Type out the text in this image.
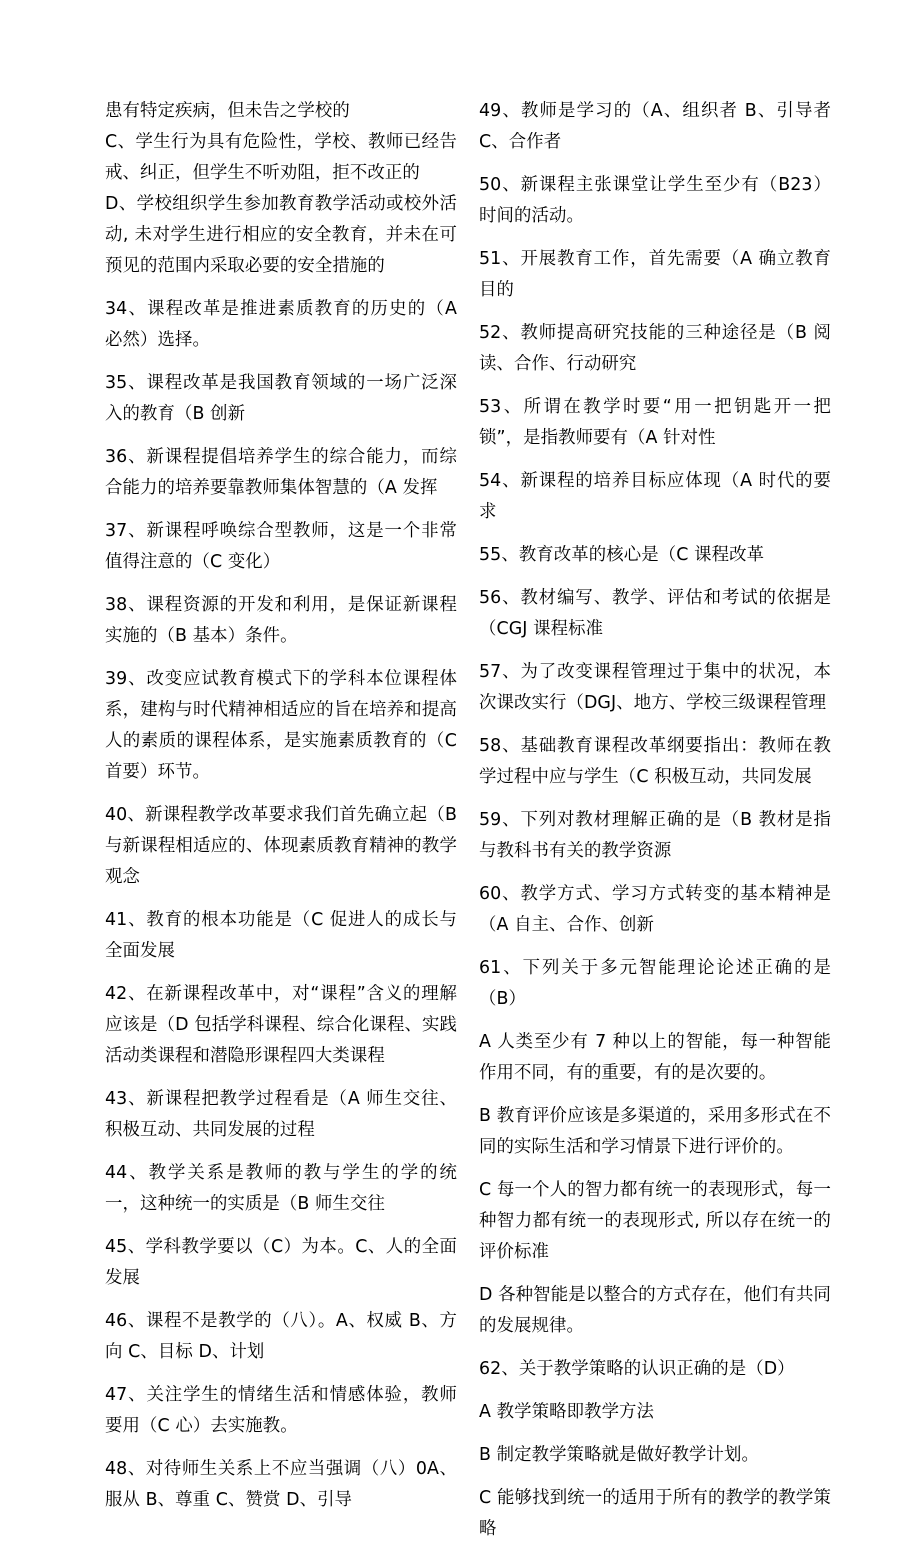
患有特定疾病，但未告之学校的

C、学生行为具有危险性，学校、教师已经告戒、纠正，但学生不听劝阻，拒不改正的

D、学校组织学生参加教育教学活动或校外活动, 未对学生进行相应的安全教育，并未在可预见的范围内采取必要的安全措施的

34、课程改革是推进素质教育的历史的（A 必然）选择。

35、课程改革是我国教育领域的一场广泛深入的教育（B 创新

36、新课程提倡培养学生的综合能力，而综合能力的培养要靠教师集体智慧的（A 发挥

37、新课程呼唤综合型教师，这是一个非常值得注意的（C 变化）

38、课程资源的开发和利用，是保证新课程实施的（B 基本）条件。

39、改变应试教育模式下的学科本位课程体系，建构与时代精神相适应的旨在培养和提高人的素质的课程体系，是实施素质教育的（C 首要）环节。

40、新课程教学改革要求我们首先确立起（B 与新课程相适应的、体现素质教育精神的教学观念

41、教育的根本功能是（C 促进人的成长与全面发展

42、在新课程改革中，对“课程”含义的理解应该是（D 包括学科课程、综合化课程、实践活动类课程和潜隐形课程四大类课程

43、新课程把教学过程看是（A 师生交往、积极互动、共同发展的过程

44、教学关系是教师的教与学生的学的统一，这种统一的实质是（B 师生交往

45、学科教学要以（C）为本。C、人的全面发展

46、课程不是教学的（八）。A、权威 B、方向 C、目标 D、计划

47、关注学生的情绪生活和情感体验，教师要用（C 心）去实施教。

48、对待师生关系上不应当强调（八）0A、服从 B、尊重 C、赞赏 D、引导

49、教师是学习的（A、组织者 B、引导者 C、合作者

50、新课程主张课堂让学生至少有（B23）时间的活动。

51、开展教育工作，首先需要（A 确立教育目的

52、教师提高研究技能的三种途径是（B 阅读、合作、行动研究

53、所谓在教学时要“用一把钥匙开一把锁”，是指教师要有（A 针对性

54、新课程的培养目标应体现（A 时代的要求

55、教育改革的核心是（C 课程改革

56、教材编写、教学、评估和考试的依据是（CGJ 课程标准

57、为了改变课程管理过于集中的状况，本次课改实行（DGJ、地方、学校三级课程管理

58、基础教育课程改革纲要指出：教师在教学过程中应与学生（C 积极互动，共同发展

59、下列对教材理解正确的是（B 教材是指与教科书有关的教学资源

60、教学方式、学习方式转变的基本精神是（A 自主、合作、创新

61、下列关于多元智能理论论述正确的是（B）

A 人类至少有 7 种以上的智能，每一种智能作用不同，有的重要，有的是次要的。

B 教育评价应该是多渠道的，采用多形式在不同的实际生活和学习情景下进行评价的。

C 每一个人的智力都有统一的表现形式，每一种智力都有统一的表现形式, 所以存在统一的评价标准

D 各种智能是以整合的方式存在，他们有共同的发展规律。

62、关于教学策略的认识正确的是（D）

A 教学策略即教学方法

B 制定教学策略就是做好教学计划。

C 能够找到统一的适用于所有的教学的教学策略
